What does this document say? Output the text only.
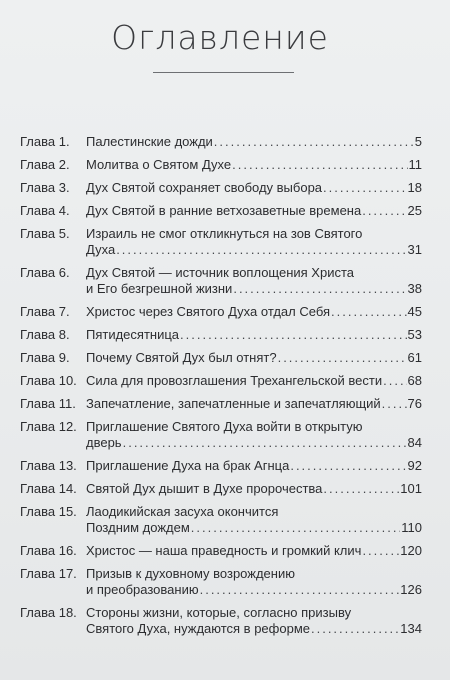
Оглавление
Глава 1.	Палестинские дожди .....	5
Глава 2.	Молитва о Святом Духе .....	11
Глава 3.	Дух Святой сохраняет свободу выбора .....	18
Глава 4.	Дух Святой в ранние ветхозаветные времена .....	25
Глава 5.	Израиль не смог откликнуться на зов Святого
Духа .....	31
Глава 6.	Дух Святой — источник воплощения Христа
и Его безгрешной жизни .....	38
Глава 7.	Христос через Святого Духа отдал Себя .....	45
Глава 8.	Пятидесятница .....	53
Глава 9.	Почему Святой Дух был отнят? .....	61
Глава 10. Сила для провозглашения Трехангельской вести ..... 68
Глава 11. Запечатление, запечатленные и запечатляющий ..... 76
Глава 12. Приглашение Святого Духа войти в открытую
дверь .....	84
Глава 13. Приглашение Духа на брак Агнца .....	92
Глава 14. Святой Дух дышит в Духе пророчества .....	101
Глава 15. Лаодикийская засуха окончится
Поздним дождем .....	110
Глава 16. Христос — наша праведность и громкий клич .....	120
Глава 17. Призыв к духовному возрождению
и преобразованию .....	126
Глава 18. Стороны жизни, которые, согласно призыву
Святого Духа, нуждаются в реформе .....	134
